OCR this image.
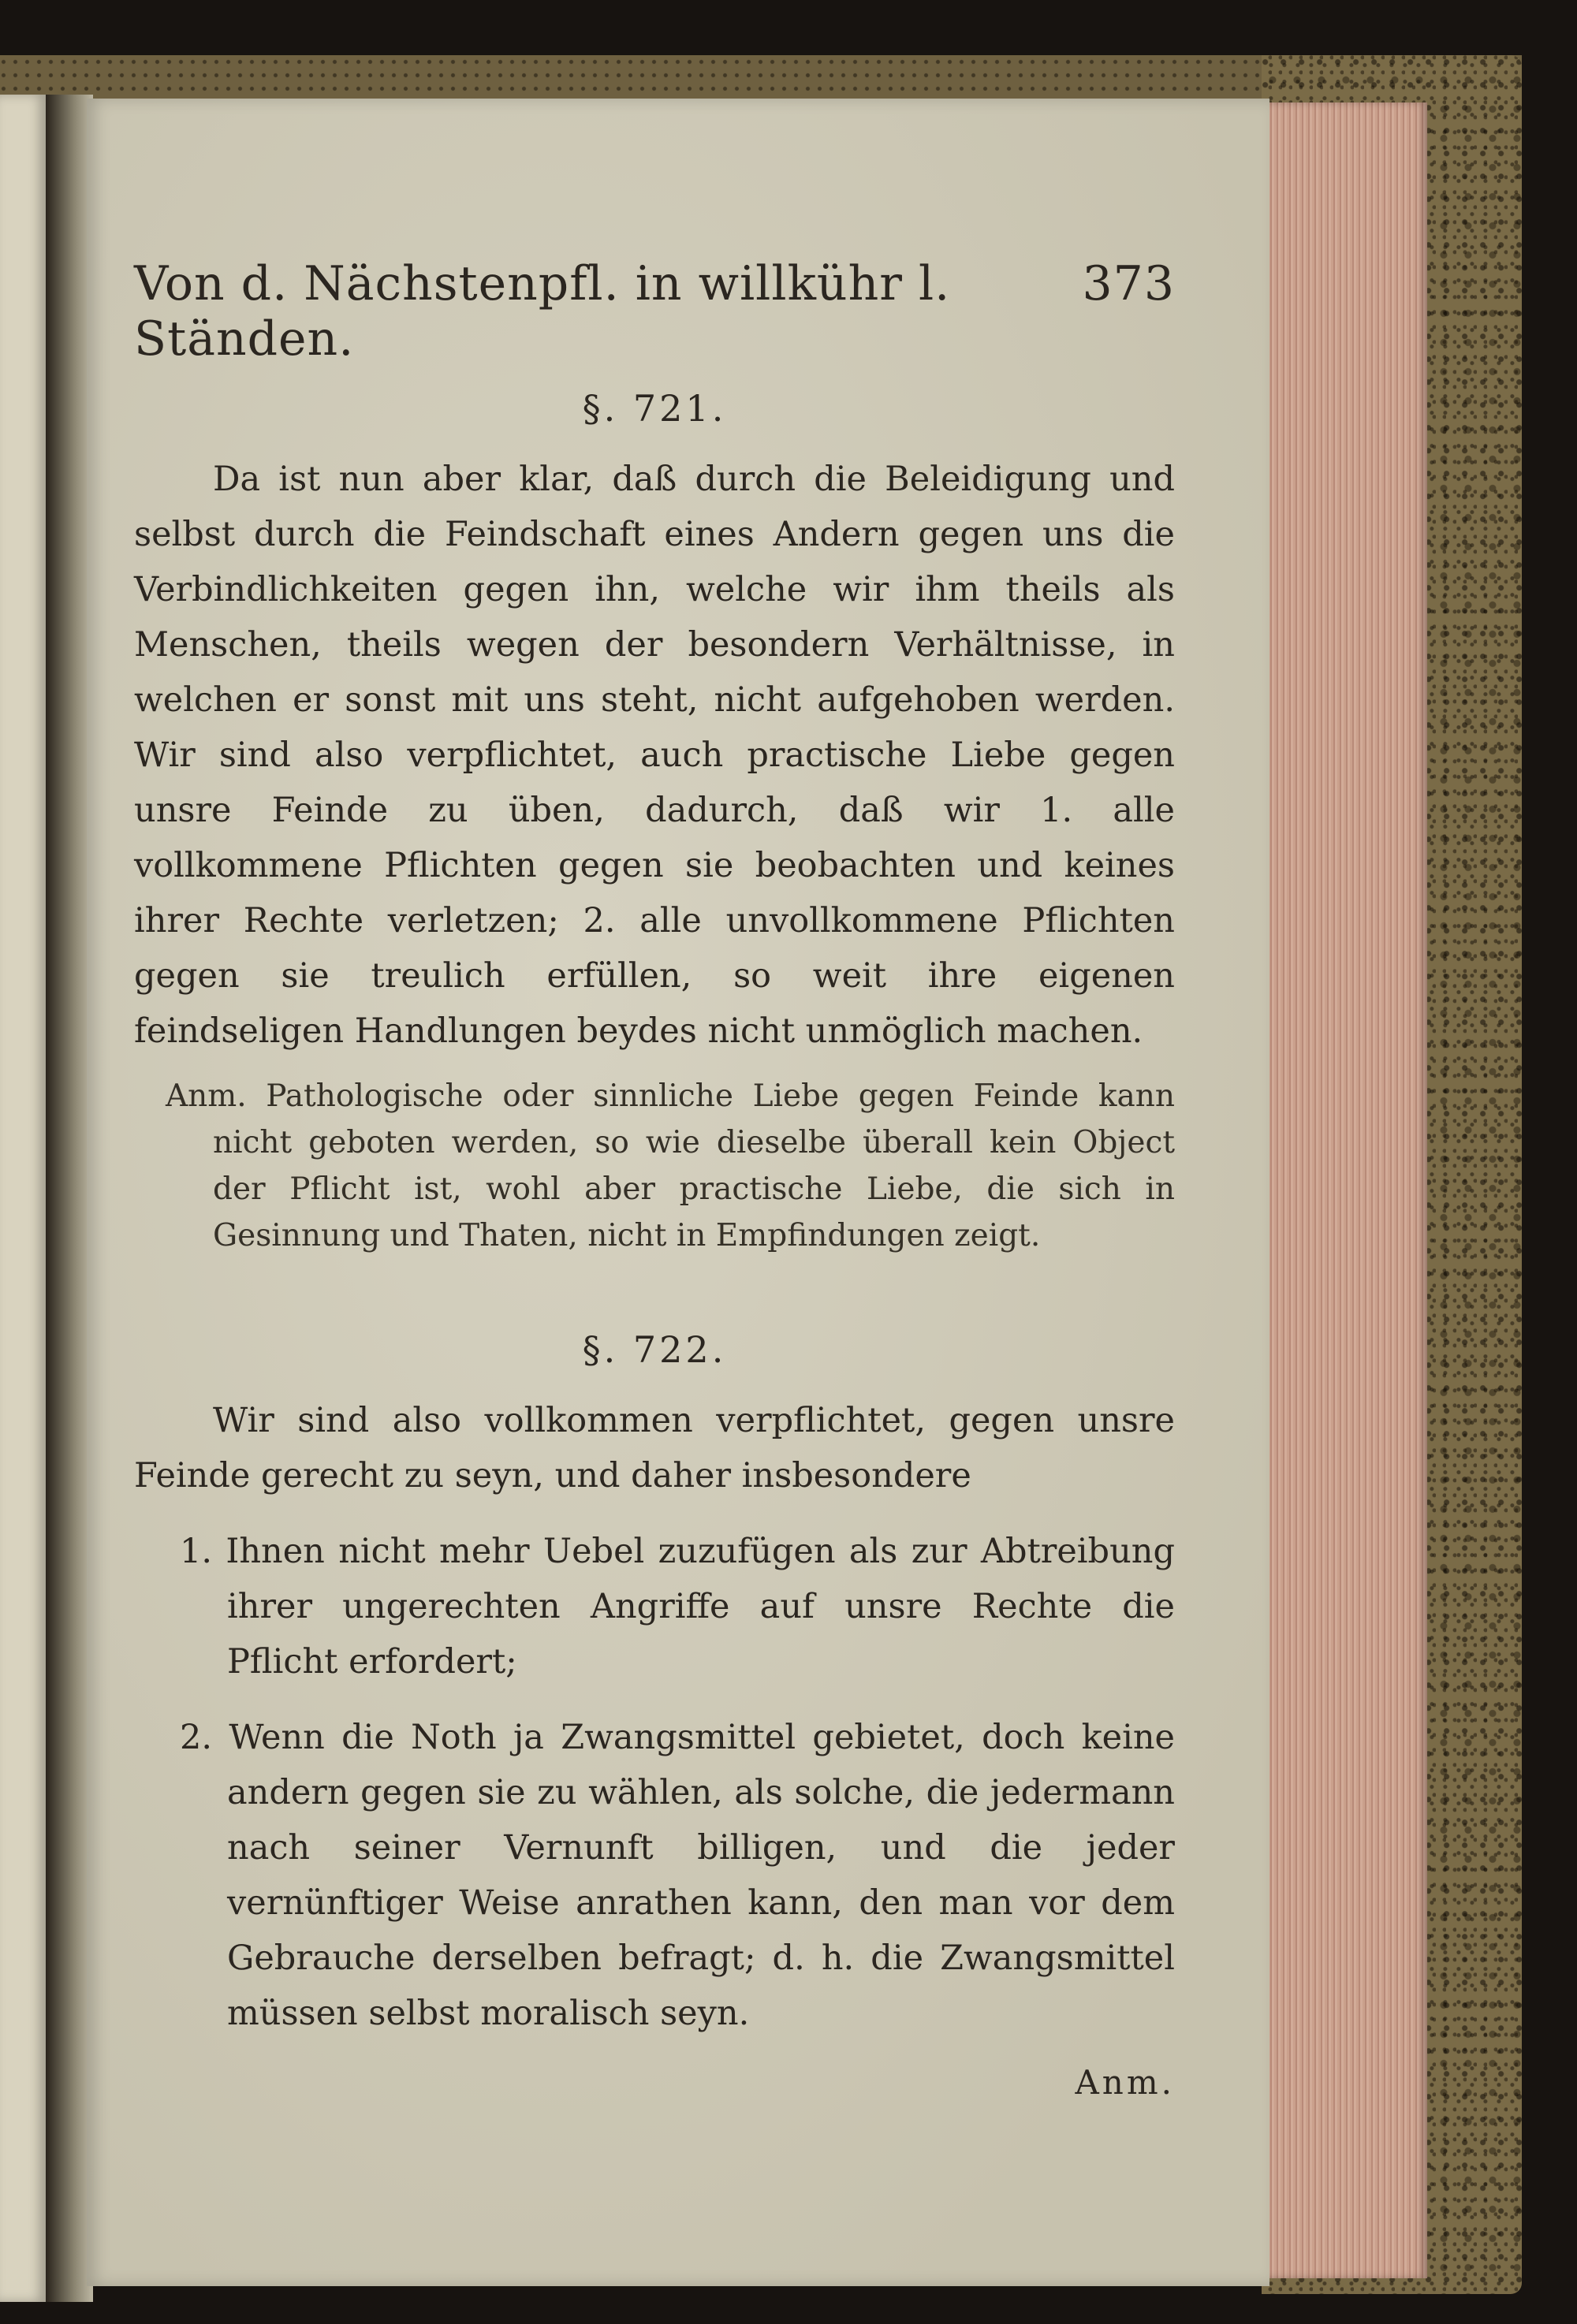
Von d. Nächstenpfl. in willkühr l. Ständen.
373
§. 721.

Da ist nun aber klar, daß durch die Beleidigung und selbst durch die Feindschaft eines Andern gegen uns die Verbindlichkeiten gegen ihn, welche wir ihm theils als Menschen, theils wegen der besondern Verhältnisse, in welchen er sonst mit uns steht, nicht aufgehoben werden. Wir sind also verpflichtet, auch practische Liebe gegen unsre Feinde zu üben, dadurch, daß wir 1. alle vollkommene Pflichten gegen sie beobachten und keines ihrer Rechte verletzen; 2. alle unvollkommene Pflichten gegen sie treulich erfüllen, so weit ihre eigenen feindseligen Handlungen beydes nicht unmöglich machen.

Anm. Pathologische oder sinnliche Liebe gegen Feinde kann nicht geboten werden, so wie dieselbe überall kein Object der Pflicht ist, wohl aber practische Liebe, die sich in Gesinnung und Thaten, nicht in Empfindungen zeigt.

§. 722.

Wir sind also vollkommen verpflichtet, gegen unsre Feinde gerecht zu seyn, und daher insbesondere

1. Ihnen nicht mehr Uebel zuzufügen als zur Abtreibung ihrer ungerechten Angriffe auf unsre Rechte die Pflicht erfordert;

2. Wenn die Noth ja Zwangsmittel gebietet, doch keine andern gegen sie zu wählen, als solche, die jedermann nach seiner Vernunft billigen, und die jeder vernünftiger Weise anrathen kann, den man vor dem Gebrauche derselben befragt; d. h. die Zwangsmittel müssen selbst moralisch seyn.

Anm.
